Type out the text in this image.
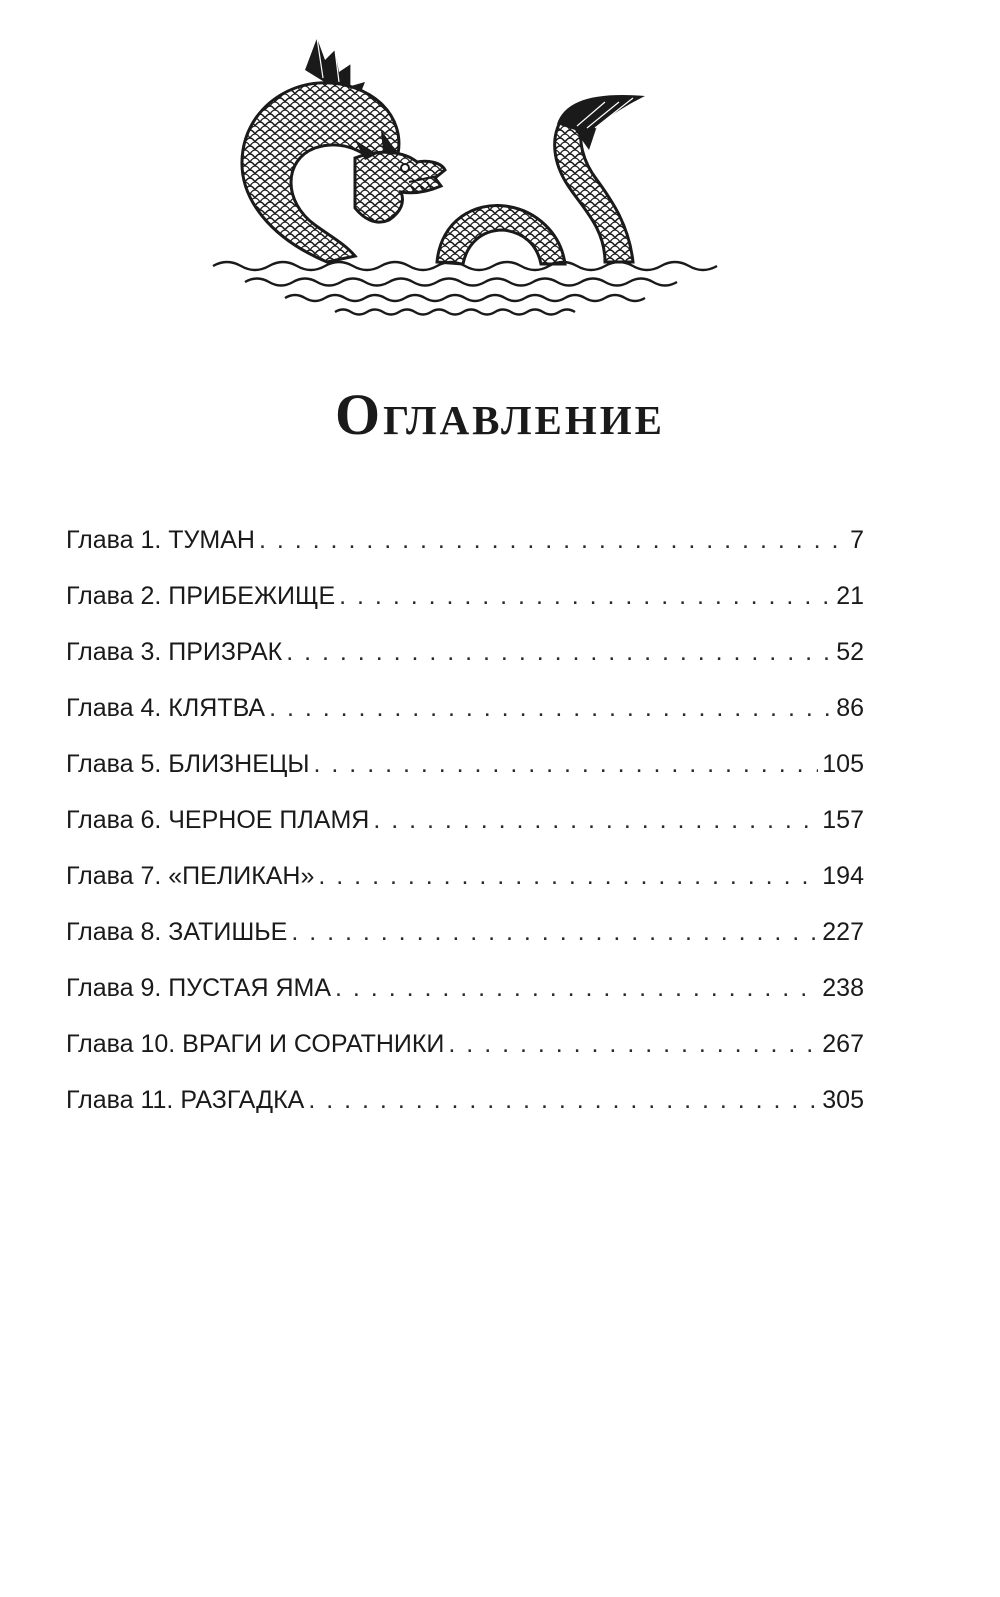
Оглавление
Глава 1. ТУМАН . . .	7
Глава 2. ПРИБЕЖИЩЕ . . .	21
Глава 3. ПРИЗРАК . . .	52
Глава 4. КЛЯТВА . . .	86
Глава 5. БЛИЗНЕЦЫ . . .	105
Глава 6. ЧЕРНОЕ ПЛАМЯ . . .	157
Глава 7. «ПЕЛИКАН» . . .	194
Глава 8. ЗАТИШЬЕ . . .	227
Глава 9. ПУСТАЯ ЯМА . . .	238
Глава 10. ВРАГИ И СОРАТНИКИ . . .	267
Глава 11. РАЗГАДКА . . .	305
